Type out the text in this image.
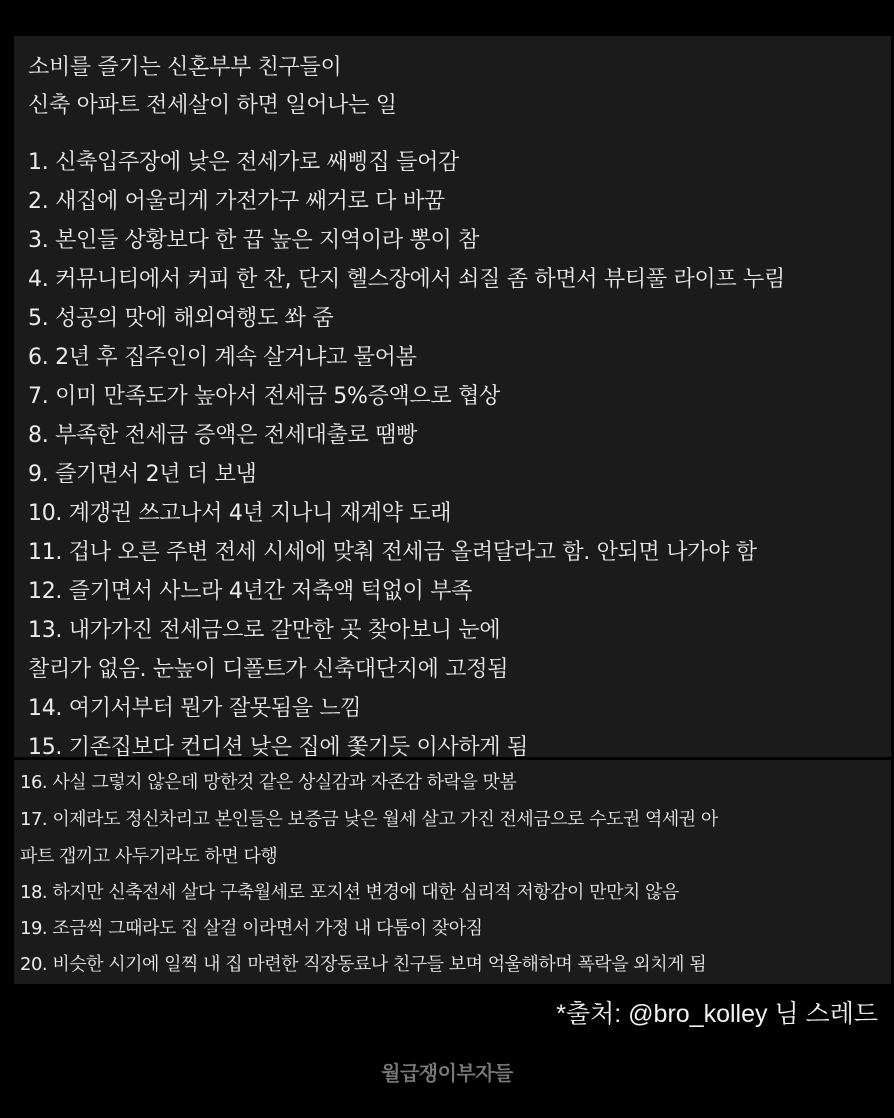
소비를 즐기는 신혼부부 친구들이
신축 아파트 전세살이 하면 일어나는 일
1. 신축입주장에 낮은 전세가로 쌔삥집 들어감
2. 새집에 어울리게 가전가구 쌔거로 다 바꿈
3. 본인들 상황보다 한 끕 높은 지역이라 뽕이 참
4. 커뮤니티에서 커피 한 잔, 단지 헬스장에서 쇠질 좀 하면서 뷰티풀 라이프 누림
5. 성공의 맛에 해외여행도 쏴 줌
6. 2년 후 집주인이 계속 살거냐고 물어봄
7. 이미 만족도가 높아서 전세금 5%증액으로 협상
8. 부족한 전세금 증액은 전세대출로 땜빵
9. 즐기면서 2년 더 보냄
10. 계갱권 쓰고나서 4년 지나니 재계약 도래
11. 겁나 오른 주변 전세 시세에 맞춰 전세금 올려달라고 함. 안되면 나가야 함
12. 즐기면서 사느라 4년간 저축액 턱없이 부족
13. 내가가진 전세금으로 갈만한 곳 찾아보니 눈에
찰리가 없음. 눈높이 디폴트가 신축대단지에 고정됨
14. 여기서부터 뭔가 잘못됨을 느낌
15. 기존집보다 컨디션 낮은 집에 쫓기듯 이사하게 됨
16. 사실 그렇지 않은데 망한것 같은 상실감과 자존감 하락을 맛봄
17. 이제라도 정신차리고 본인들은 보증금 낮은 월세 살고 가진 전세금으로 수도권 역세권 아
파트 갭끼고 사두기라도 하면 다행
18. 하지만 신축전세 살다 구축월세로 포지션 변경에 대한 심리적 저항감이 만만치 않음
19. 조금씩 그때라도 집 살걸 이라면서 가정 내 다툼이 잦아짐
20. 비슷한 시기에 일찍 내 집 마련한 직장동료나 친구들 보며 억울해하며 폭락을 외치게 됨
*출처: @bro_kolley 님 스레드
월급쟁이부자들
